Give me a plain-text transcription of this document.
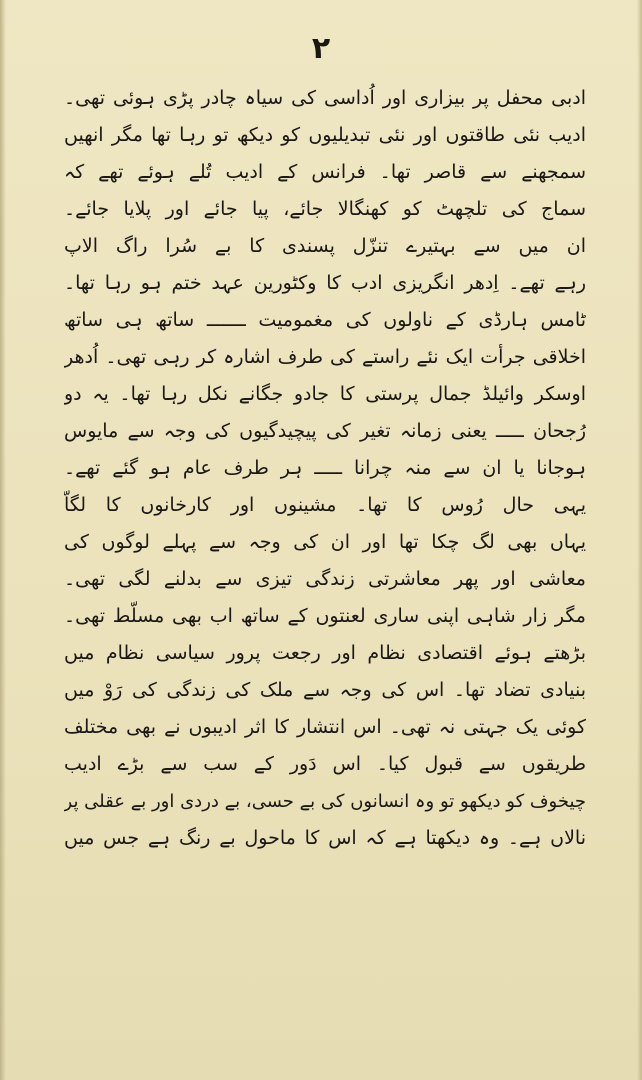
۲
ادبی محفل پر بیزاری اور اُداسی کی سیاہ چادر پڑی ہوئی تھی۔
ادیب نئی طاقتوں اور نئی تبدیلیوں کو دیکھ تو رہا تھا مگر انھیں
سمجھنے سے قاصر تھا۔ فرانس کے ادیب تُلے ہوئے تھے کہ
سماج کی تلچھٹ کو کھنگالا جائے، پیا جائے اور پلایا جائے۔
ان میں سے بہتیرے تنزّل پسندی کا بے سُرا راگ الاپ
رہے تھے۔ اِدھر انگریزی ادب کا وکٹورین عہد ختم ہو رہا تھا۔
ٹامس ہارڈی کے ناولوں کی مغمومیت ـــــــ ساتھ ہی ساتھ
اخلاقی جرأت ایک نئے راستے کی طرف اشارہ کر رہی تھی۔ اُدھر
اوسکر وائیلڈ جمال پرستی کا جادو جگانے نکل رہا تھا۔ یہ دو
رُجحان ـــــ یعنی زمانہ تغیر کی پیچیدگیوں کی وجہ سے مایوس
ہوجانا یا ان سے منہ چرانا ـــــ ہر طرف عام ہو گئے تھے۔
یہی حال رُوس کا تھا۔ مشینوں اور کارخانوں کا لگاّ
یہاں بھی لگ چکا تھا اور ان کی وجہ سے پہلے لوگوں کی
معاشی اور پھر معاشرتی زندگی تیزی سے بدلنے لگی تھی۔
مگر زار شاہی اپنی ساری لعنتوں کے ساتھ اب بھی مسلّط تھی۔
بڑھتے ہوئے اقتصادی نظام اور رجعت پرور سیاسی نظام میں
بنیادی تضاد تھا۔ اس کی وجہ سے ملک کی زندگی کی رَوْ میں
کوئی یک جہتی نہ تھی۔ اس انتشار کا اثر ادیبوں نے بھی مختلف
طریقوں سے قبول کیا۔ اس دَور کے سب سے بڑے ادیب
چیخوف کو دیکھو تو وہ انسانوں کی بے حسی، بے دردی اور بے عقلی پر
نالاں ہے۔ وہ دیکھتا ہے کہ اس کا ماحول بے رنگ ہے جس میں
